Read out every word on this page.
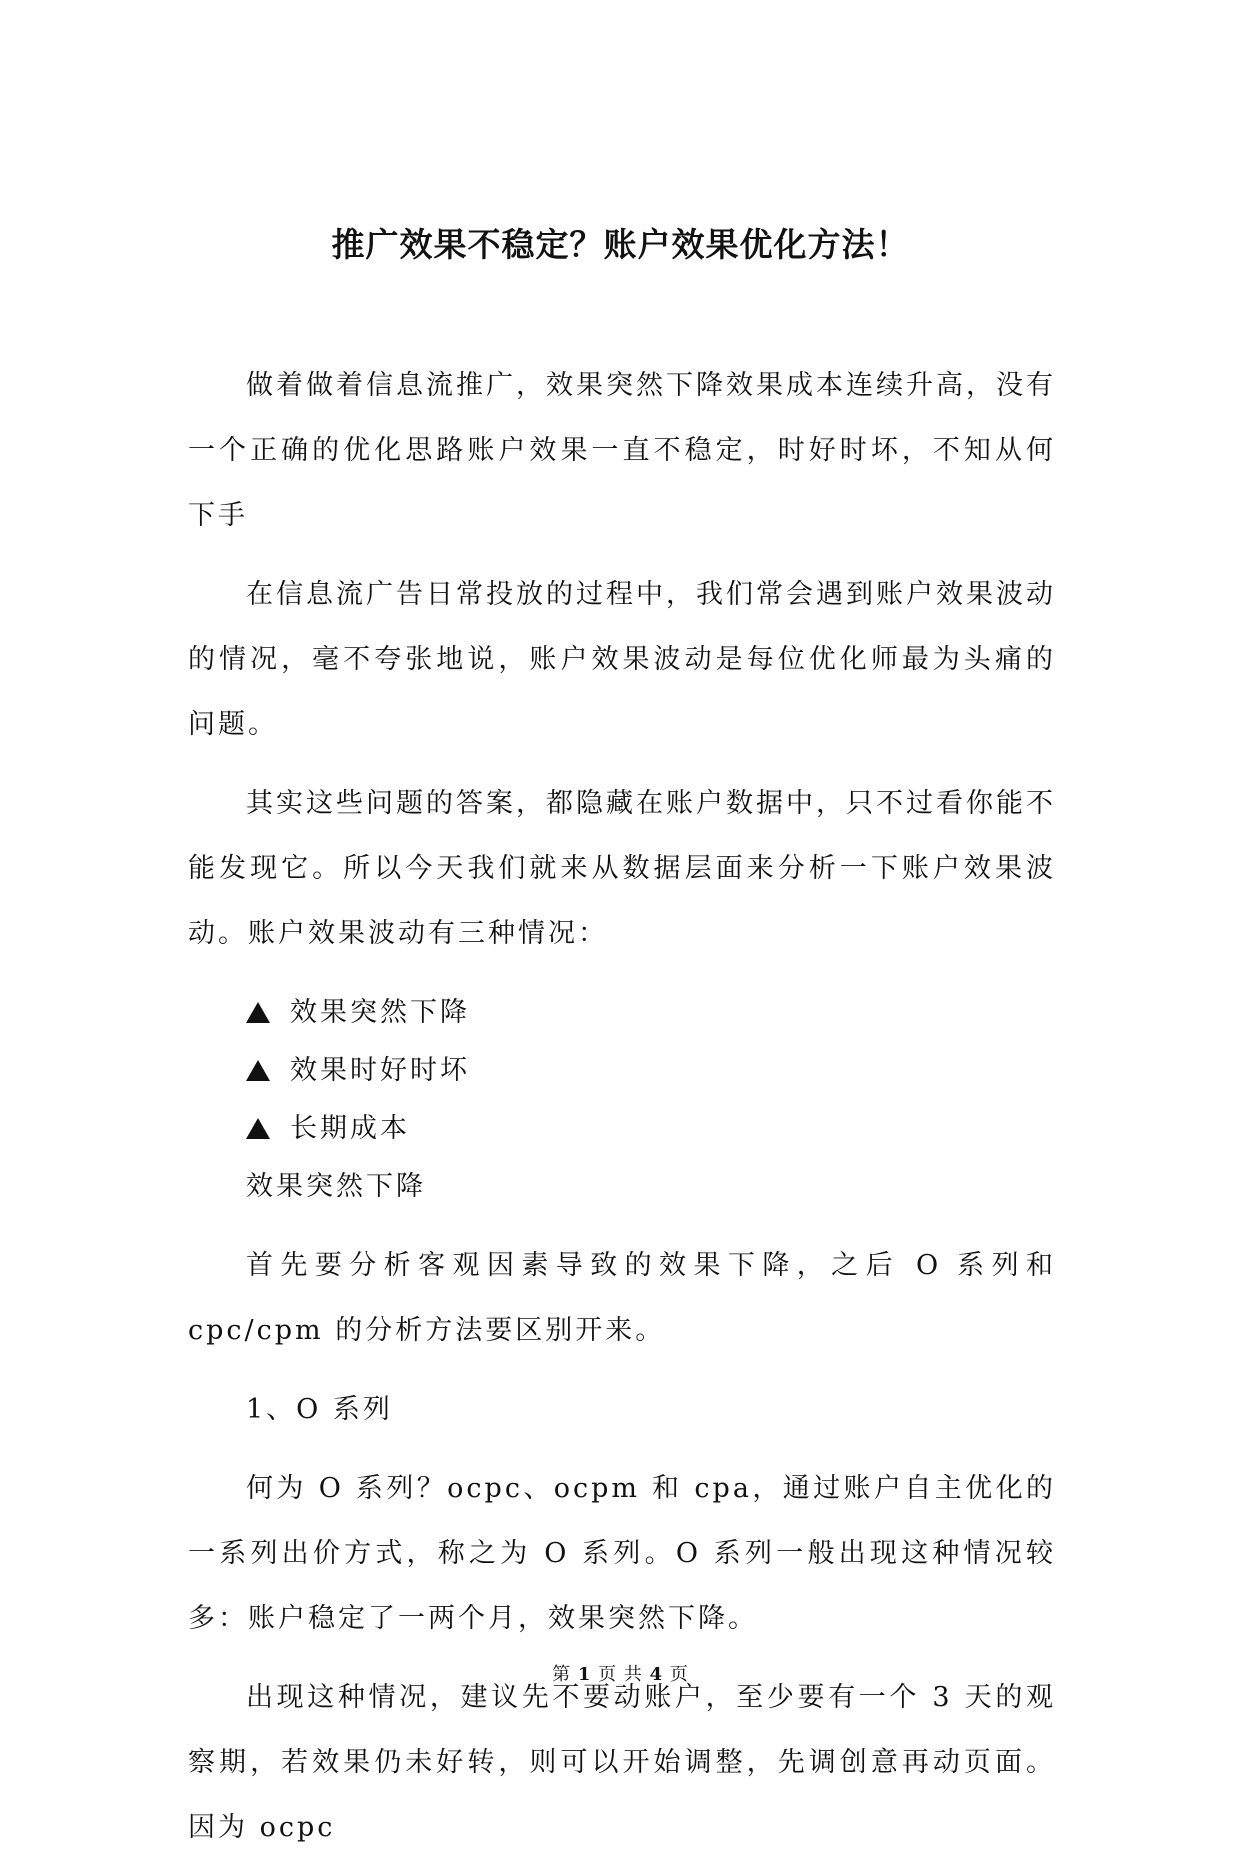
推广效果不稳定？账户效果优化方法！

做着做着信息流推广，效果突然下降效果成本连续升高，没有一个正确的优化思路账户效果一直不稳定，时好时坏，不知从何下手

在信息流广告日常投放的过程中，我们常会遇到账户效果波动的情况，毫不夸张地说，账户效果波动是每位优化师最为头痛的问题。

其实这些问题的答案，都隐藏在账户数据中，只不过看你能不能发现它。所以今天我们就来从数据层面来分析一下账户效果波动。账户效果波动有三种情况：

效果突然下降
效果时好时坏
长期成本

效果突然下降

首先要分析客观因素导致的效果下降，之后 O 系列和 cpc/cpm 的分析方法要区别开来。

1、O 系列

何为 O 系列？ocpc、ocpm 和 cpa，通过账户自主优化的一系列出价方式，称之为 O 系列。O 系列一般出现这种情况较多：账户稳定了一两个月，效果突然下降。

出现这种情况，建议先不要动账户，至少要有一个 3 天的观察期，若效果仍未好转，则可以开始调整，先调创意再动页面。因为 ocpc

第 1 页 共 4 页
